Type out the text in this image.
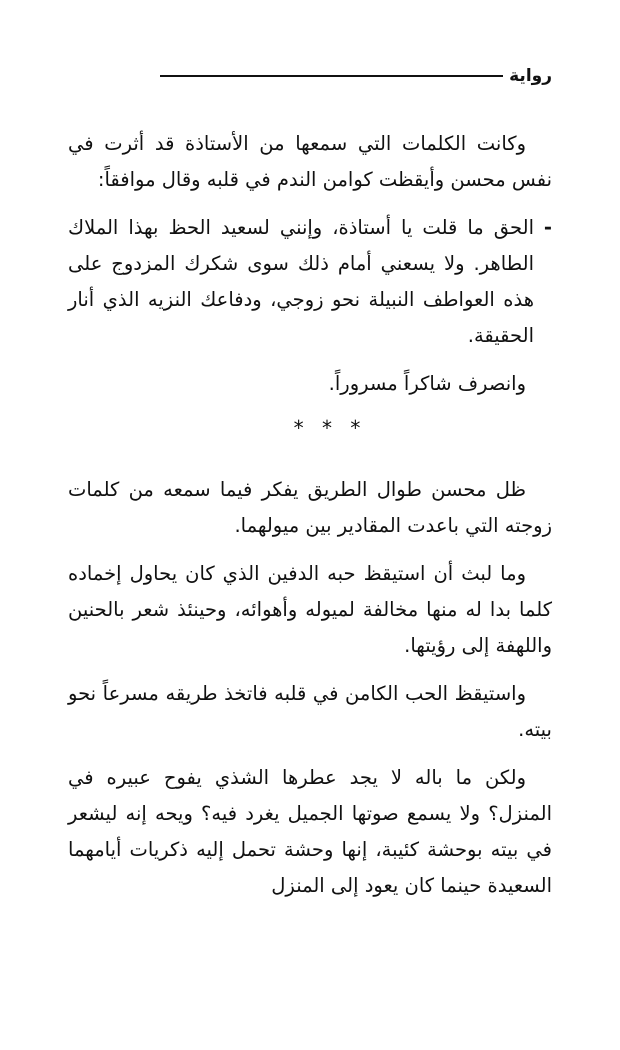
رواية

وكانت الكلمات التي سمعها من الأستاذة قد أثرت في نفس محسن وأيقظت كوامن الندم في قلبه وقال موافقاً:

-
الحق ما قلت يا أستاذة، وإنني لسعيد الحظ بهذا الملاك الطاهر. ولا يسعني أمام ذلك سوى شكرك المزدوج على هذه العواطف النبيلة نحو زوجي، ودفاعك النزيه الذي أنار الحقيقة.

وانصرف شاكراً مسروراً.

* * *

ظل محسن طوال الطريق يفكر فيما سمعه من كلمات زوجته التي باعدت المقادير بين ميولهما.

وما لبث أن استيقظ حبه الدفين الذي كان يحاول إخماده كلما بدا له منها مخالفة لميوله وأهوائه، وحينئذ شعر بالحنين واللهفة إلى رؤيتها.

واستيقظ الحب الكامن في قلبه فاتخذ طريقه مسرعاً نحو بيته.

ولكن ما باله لا يجد عطرها الشذي يفوح عبيره في المنزل؟ ولا يسمع صوتها الجميل يغرد فيه؟ ويحه إنه ليشعر في بيته بوحشة كئيبة، إنها وحشة تحمل إليه ذكريات أيامهما السعيدة حينما كان يعود إلى المنزل
